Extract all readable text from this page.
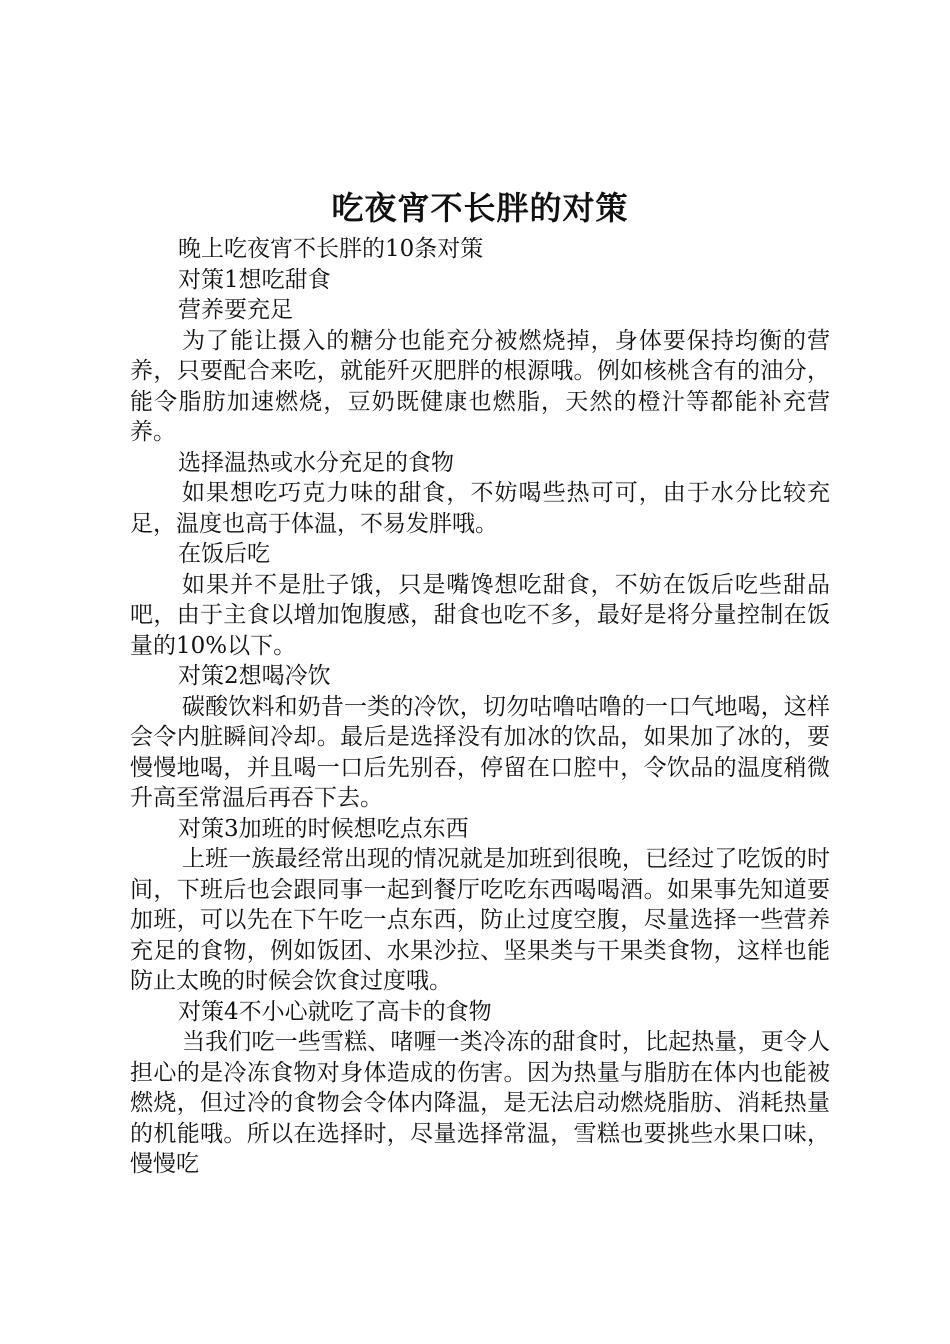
吃夜宵不长胖的对策

晚上吃夜宵不长胖的10条对策

对策1想吃甜食

营养要充足

为了能让摄入的糖分也能充分被燃烧掉，身体要保持均衡的营养，只要配合来吃，就能歼灭肥胖的根源哦。例如核桃含有的油分，能令脂肪加速燃烧，豆奶既健康也燃脂，天然的橙汁等都能补充营养。

选择温热或水分充足的食物

如果想吃巧克力味的甜食，不妨喝些热可可，由于水分比较充足，温度也高于体温，不易发胖哦。

在饭后吃

如果并不是肚子饿，只是嘴馋想吃甜食，不妨在饭后吃些甜品吧，由于主食以增加饱腹感，甜食也吃不多，最好是将分量控制在饭量的10%以下。

对策2想喝冷饮

碳酸饮料和奶昔一类的冷饮，切勿咕噜咕噜的一口气地喝，这样会令内脏瞬间冷却。最后是选择没有加冰的饮品，如果加了冰的，要慢慢地喝，并且喝一口后先别吞，停留在口腔中，令饮品的温度稍微升高至常温后再吞下去。

对策3加班的时候想吃点东西

上班一族最经常出现的情况就是加班到很晚，已经过了吃饭的时间，下班后也会跟同事一起到餐厅吃吃东西喝喝酒。如果事先知道要加班，可以先在下午吃一点东西，防止过度空腹，尽量选择一些营养充足的食物，例如饭团、水果沙拉、坚果类与干果类食物，这样也能防止太晚的时候会饮食过度哦。

对策4不小心就吃了高卡的食物

当我们吃一些雪糕、啫喱一类冷冻的甜食时，比起热量，更令人担心的是冷冻食物对身体造成的伤害。因为热量与脂肪在体内也能被燃烧，但过冷的食物会令体内降温，是无法启动燃烧脂肪、消耗热量的机能哦。所以在选择时，尽量选择常温，雪糕也要挑些水果口味，慢慢吃
